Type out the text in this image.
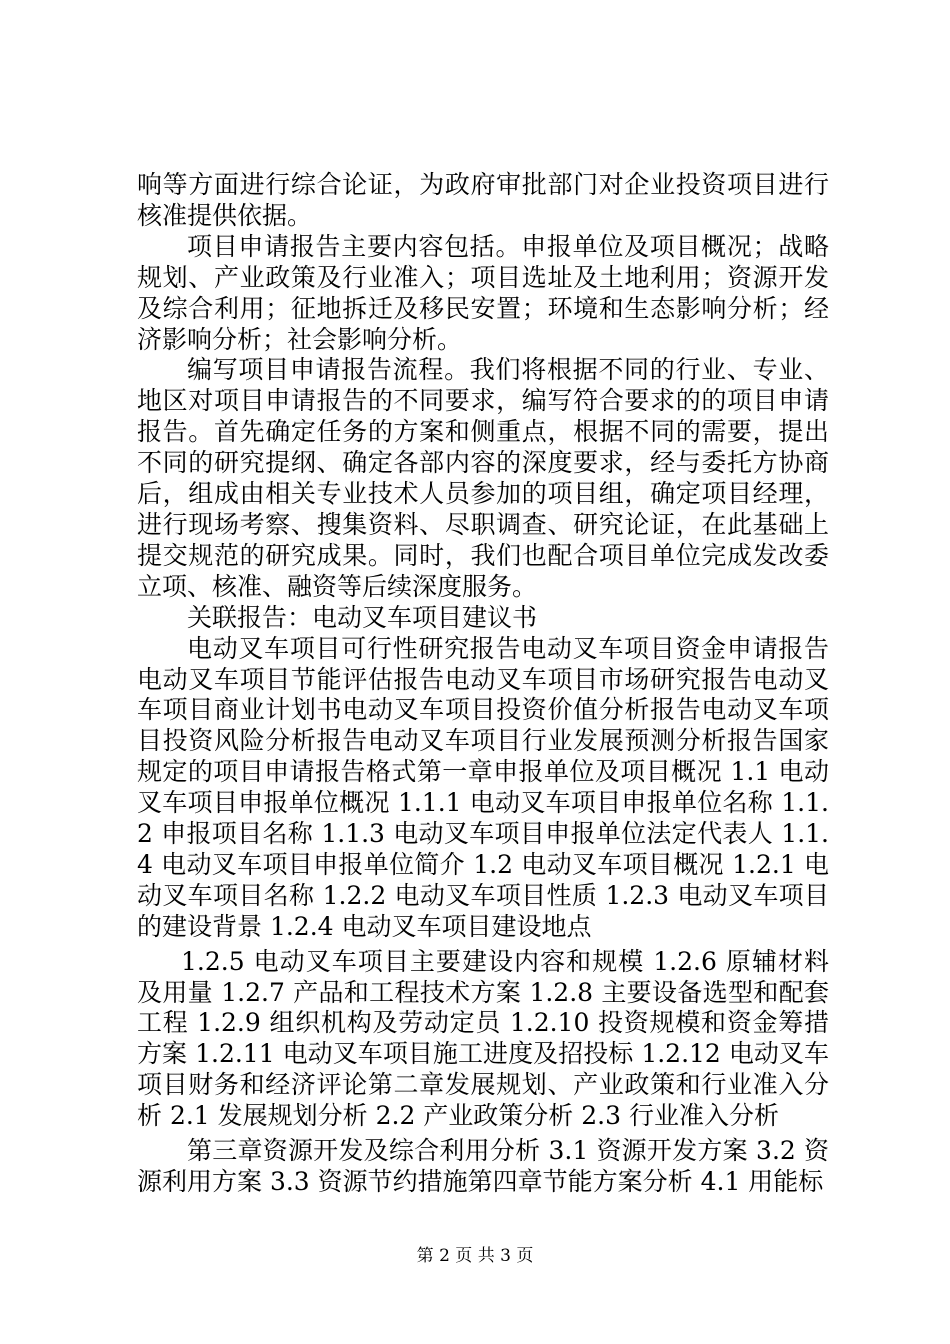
响等方面进行综合论证，为政府审批部门对企业投资项目进行核准提供依据。

项目申请报告主要内容包括。申报单位及项目概况；战略规划、产业政策及行业准入；项目选址及土地利用；资源开发及综合利用；征地拆迁及移民安置；环境和生态影响分析；经济影响分析；社会影响分析。

编写项目申请报告流程。我们将根据不同的行业、专业、地区对项目申请报告的不同要求，编写符合要求的的项目申请报告。首先确定任务的方案和侧重点，根据不同的需要，提出不同的研究提纲、确定各部内容的深度要求，经与委托方协商后，组成由相关专业技术人员参加的项目组，确定项目经理，进行现场考察、搜集资料、尽职调查、研究论证，在此基础上提交规范的研究成果。同时，我们也配合项目单位完成发改委立项、核准、融资等后续深度服务。

关联报告：电动叉车项目建议书

电动叉车项目可行性研究报告电动叉车项目资金申请报告电动叉车项目节能评估报告电动叉车项目市场研究报告电动叉车项目商业计划书电动叉车项目投资价值分析报告电动叉车项目投资风险分析报告电动叉车项目行业发展预测分析报告国家规定的项目申请报告格式第一章申报单位及项目概况 1.1 电动叉车项目申报单位概况 1.1.1 电动叉车项目申报单位名称 1.1.2 申报项目名称 1.1.3 电动叉车项目申报单位法定代表人 1.1.4 电动叉车项目申报单位简介 1.2 电动叉车项目概况 1.2.1 电动叉车项目名称 1.2.2 电动叉车项目性质 1.2.3 电动叉车项目的建设背景 1.2.4 电动叉车项目建设地点

1.2.5 电动叉车项目主要建设内容和规模 1.2.6 原辅材料及用量 1.2.7 产品和工程技术方案 1.2.8 主要设备选型和配套工程 1.2.9 组织机构及劳动定员 1.2.10 投资规模和资金筹措方案 1.2.11 电动叉车项目施工进度及招投标 1.2.12 电动叉车项目财务和经济评论第二章发展规划、产业政策和行业准入分析 2.1 发展规划分析 2.2 产业政策分析 2.3 行业准入分析

第三章资源开发及综合利用分析 3.1 资源开发方案 3.2 资源利用方案 3.3 资源节约措施第四章节能方案分析 4.1 用能标

第 2 页 共 3 页
